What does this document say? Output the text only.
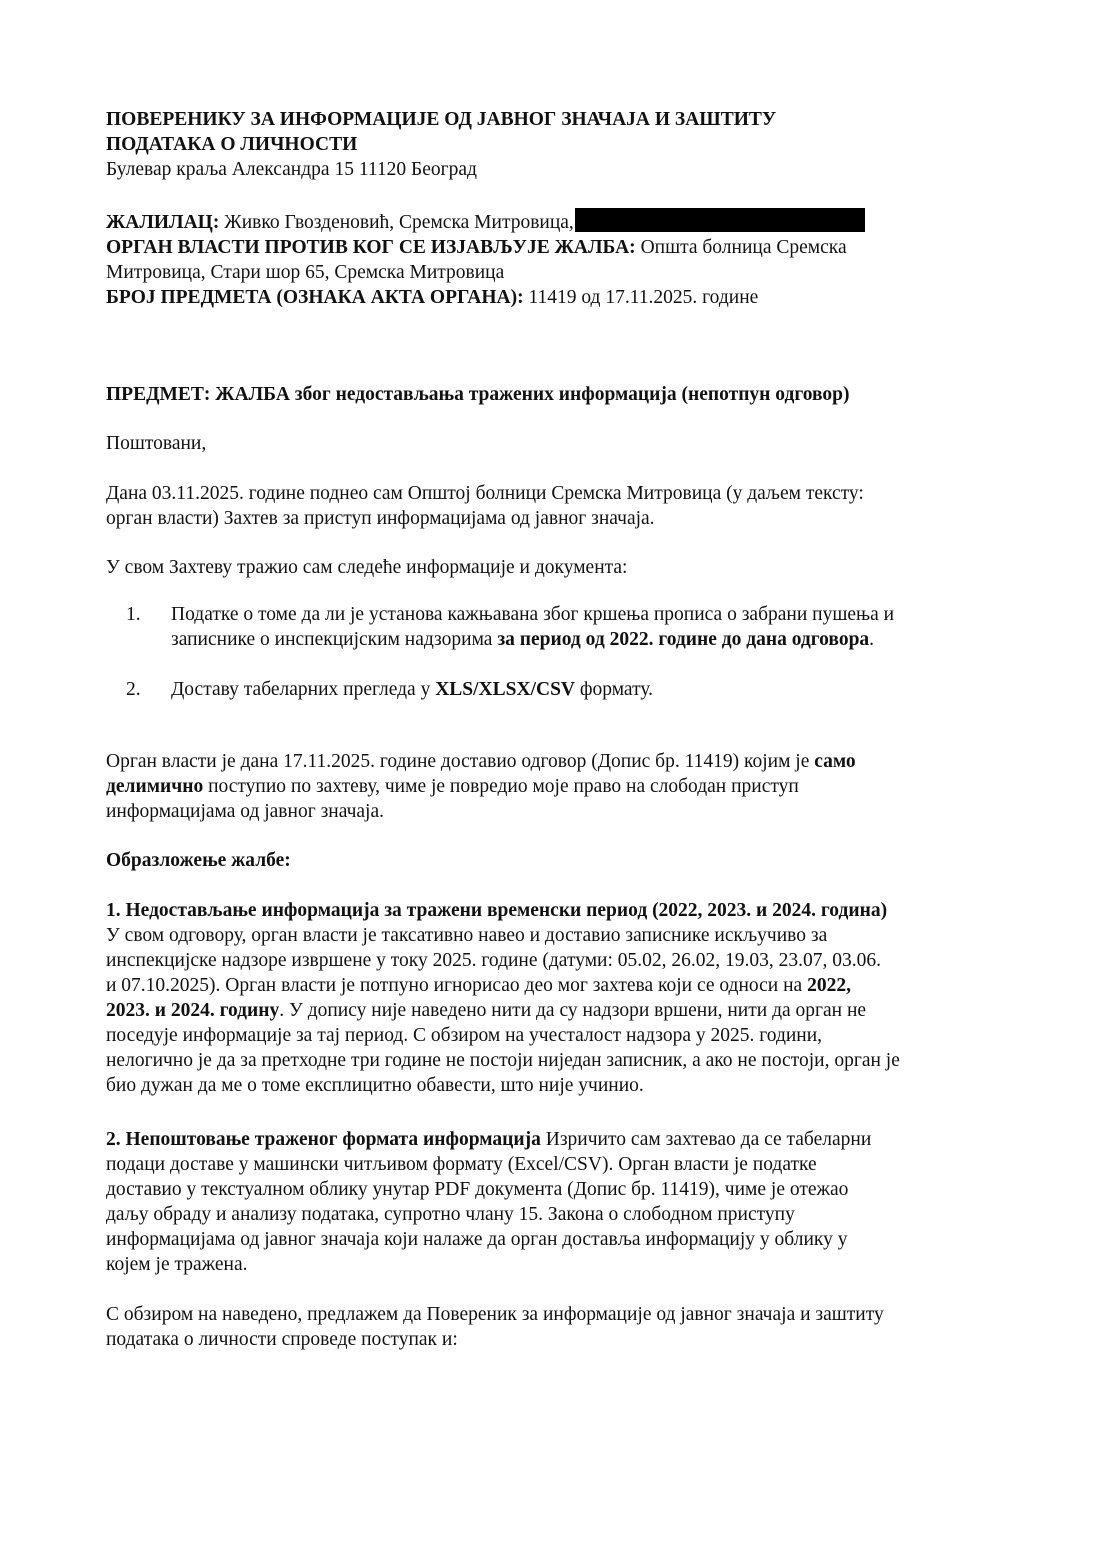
ПОВЕРЕНИКУ ЗА ИНФОРМАЦИЈЕ ОД ЈАВНОГ ЗНАЧАЈА И ЗАШТИТУ
ПОДАТАКА О ЛИЧНОСТИ
Булевар краља Александра 15 11120 Београд
ЖАЛИЛАЦ: Живко Гвозденовић, Сремска Митровица,
ОРГАН ВЛАСТИ ПРОТИВ КОГ СЕ ИЗЈАВЉУЈЕ ЖАЛБА: Општа болница Сремска
Митровица, Стари шор 65, Сремска Митровица
БРОЈ ПРЕДМЕТА (ОЗНАКА АКТА ОРГАНА): 11419 од 17.11.2025. године
ПРЕДМЕТ: ЖАЛБА због недостављања тражених информација (непотпун одговор)
Поштовани,
Дана 03.11.2025. године поднео сам Општој болници Сремска Митровица (у даљем тексту:
орган власти) Захтев за приступ информацијама од јавног значаја.
У свом Захтеву тражио сам следеће информације и документа:
1. Податке о томе да ли је установа кажњавана због кршења прописа о забрани пушења и
записнике о инспекцијским надзорима за период од 2022. године до дана одговора.
2. Доставу табеларних прегледа у XLS/XLSX/CSV формату.
Орган власти је дана 17.11.2025. године доставио одговор (Допис бр. 11419) којим је само
делимично поступио по захтеву, чиме је повредио моје право на слободан приступ
информацијама од јавног значаја.
Образложење жалбе:
1. Недостављање информација за тражени временски период (2022, 2023. и 2024. година)
У свом одговору, орган власти је таксативно навео и доставио записнике искључиво за
инспекцијске надзоре извршене у току 2025. године (датуми: 05.02, 26.02, 19.03, 23.07, 03.06.
и 07.10.2025). Орган власти је потпуно игнорисао део мог захтева који се односи на 2022,
2023. и 2024. годину. У допису није наведено нити да су надзори вршени, нити да орган не
поседује информације за тај период. С обзиром на учесталост надзора у 2025. години,
нелогично је да за претходне три године не постоји ниједан записник, а ако не постоји, орган је
био дужан да ме о томе експлицитно обавести, што није учинио.
2. Непоштовање траженог формата информација Изричито сам захтевао да се табеларни
подаци доставе у машински читљивом формату (Excel/CSV). Орган власти је податке
доставио у текстуалном облику унутар PDF документа (Допис бр. 11419), чиме је отежао
даљу обраду и анализу података, супротно члану 15. Закона о слободном приступу
информацијама од јавног значаја који налаже да орган доставља информацију у облику у
којем је тражена.
С обзиром на наведено, предлажем да Повереник за информације од јавног значаја и заштиту
података о личности спроведе поступак и:
